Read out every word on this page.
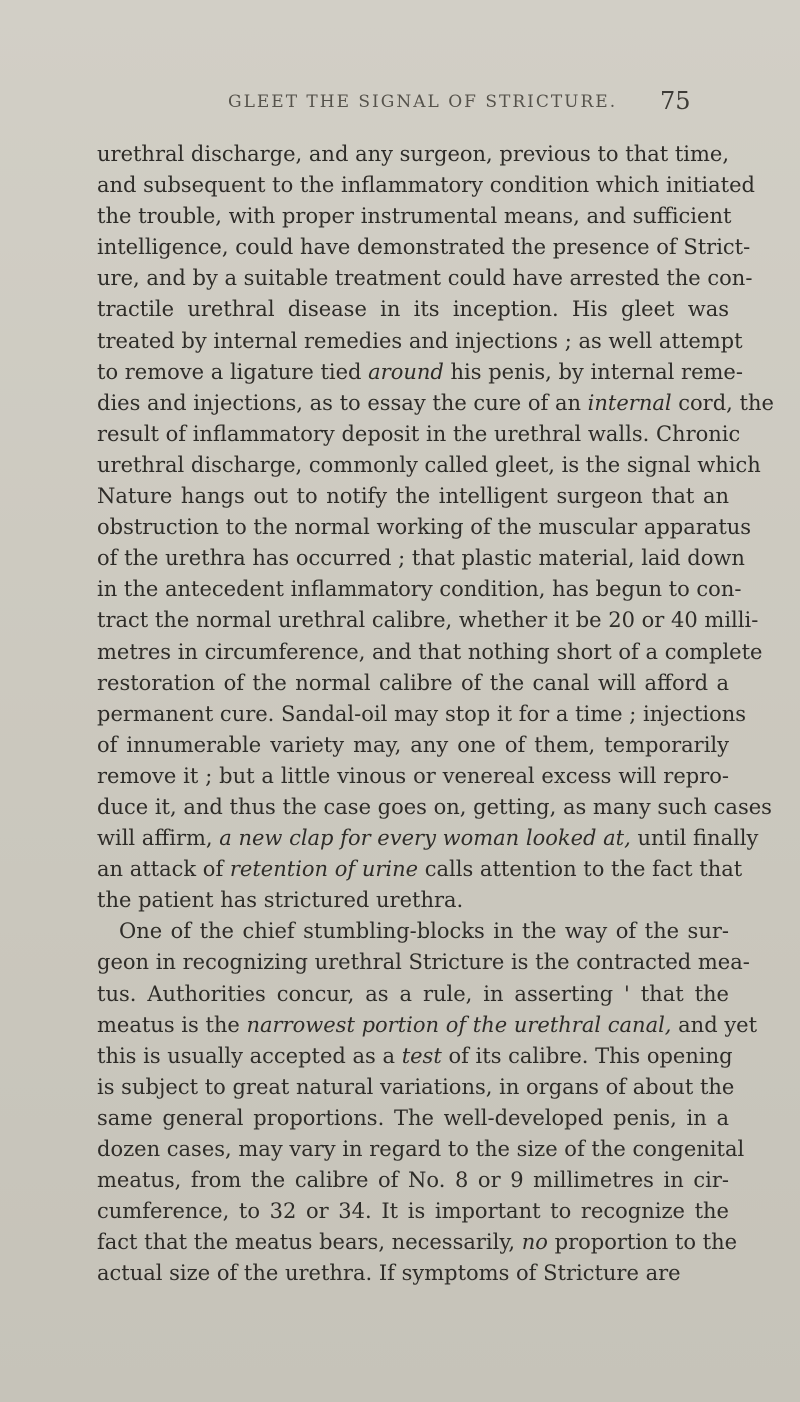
GLEET THE SIGNAL OF STRICTURE. 75
urethral discharge, and any surgeon, previous to that time,
and subsequent to the inflammatory condition which initiated
the trouble, with proper instrumental means, and sufficient
intelligence, could have demonstrated the presence of Strict-
ure, and by a suitable treatment could have arrested the con-
tractile urethral disease in its inception. His gleet was
treated by internal remedies and injections ; as well attempt
to remove a ligature tied around his penis, by internal reme-
dies and injections, as to essay the cure of an internal cord, the
result of inflammatory deposit in the urethral walls. Chronic
urethral discharge, commonly called gleet, is the signal which
Nature hangs out to notify the intelligent surgeon that an
obstruction to the normal working of the muscular apparatus
of the urethra has occurred ; that plastic material, laid down
in the antecedent inflammatory condition, has begun to con-
tract the normal urethral calibre, whether it be 20 or 40 milli-
metres in circumference, and that nothing short of a complete
restoration of the normal calibre of the canal will afford a
permanent cure. Sandal-oil may stop it for a time ; injections
of innumerable variety may, any one of them, temporarily
remove it ; but a little vinous or venereal excess will repro-
duce it, and thus the case goes on, getting, as many such cases
will affirm, a new clap for every woman looked at, until finally
an attack of retention of urine calls attention to the fact that
the patient has strictured urethra.
One of the chief stumbling-blocks in the way of the sur-
geon in recognizing urethral Stricture is the contracted mea-
tus. Authorities concur, as a rule, in asserting ' that the
meatus is the narrowest portion of the urethral canal, and yet
this is usually accepted as a test of its calibre. This opening
is subject to great natural variations, in organs of about the
same general proportions. The well-developed penis, in a
dozen cases, may vary in regard to the size of the congenital
meatus, from the calibre of No. 8 or 9 millimetres in cir-
cumference, to 32 or 34. It is important to recognize the
fact that the meatus bears, necessarily, no proportion to the
actual size of the urethra. If symptoms of Stricture are
